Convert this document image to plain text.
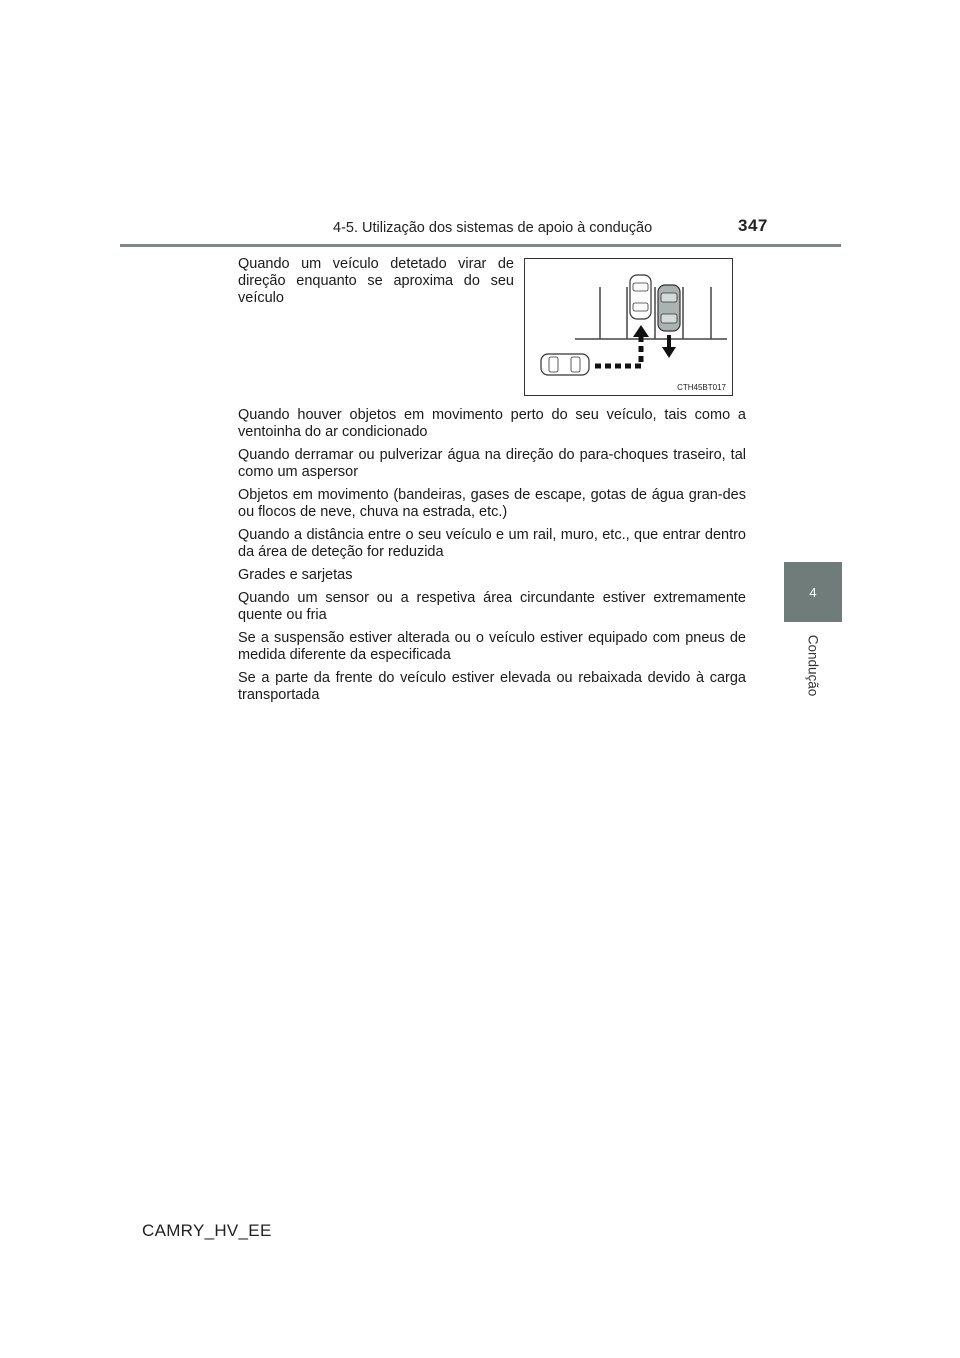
4-5. Utilização dos sistemas de apoio à condução	347
4
Condução

Quando um veículo detetado virar de direção enquanto se aproxima do seu veículo

CTH45BT017
Quando houver objetos em movimento perto do seu veículo, tais como a ventoinha do ar condicionado
Quando derramar ou pulverizar água na direção do para-choques traseiro, tal como um aspersor
Objetos em movimento (bandeiras, gases de escape, gotas de água gran-des ou flocos de neve, chuva na estrada, etc.)
Quando a distância entre o seu veículo e um rail, muro, etc., que entrar dentro da área de deteção for reduzida
Grades e sarjetas
Quando um sensor ou a respetiva área circundante estiver extremamente quente ou fria
Se a suspensão estiver alterada ou o veículo estiver equipado com pneus de medida diferente da especificada
Se a parte da frente do veículo estiver elevada ou rebaixada devido à carga transportada
CAMRY_HV_EE
